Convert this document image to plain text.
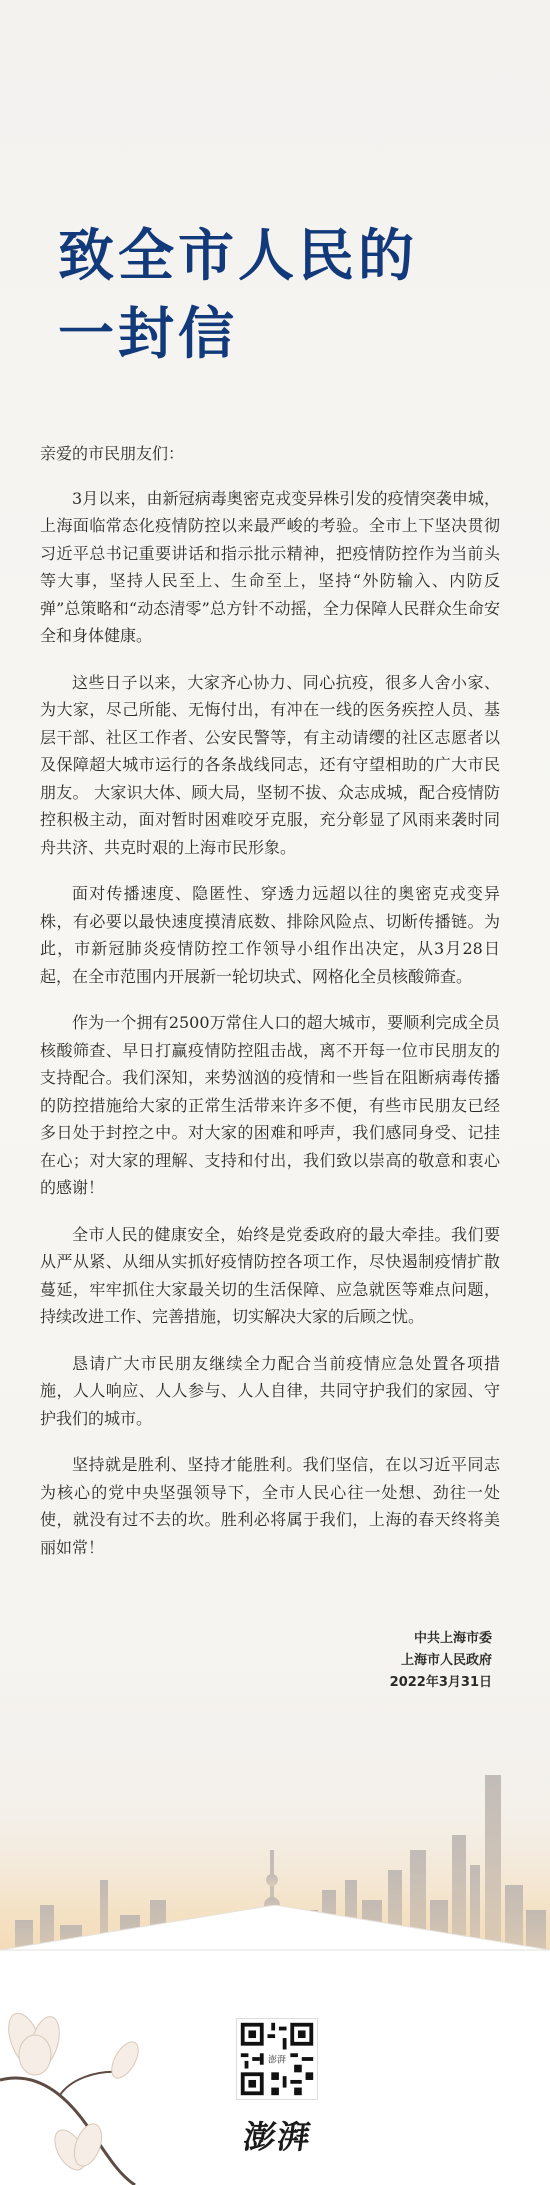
致全市人民的
一封信

亲爱的市民朋友们：

3月以来，由新冠病毒奥密克戎变异株引发的疫情突袭申城，上海面临常态化疫情防控以来最严峻的考验。全市上下坚决贯彻习近平总书记重要讲话和指示批示精神，把疫情防控作为当前头等大事，坚持人民至上、生命至上，坚持“外防输入、内防反弹”总策略和“动态清零”总方针不动摇，全力保障人民群众生命安全和身体健康。

这些日子以来，大家齐心协力、同心抗疫，很多人舍小家、为大家，尽己所能、无悔付出，有冲在一线的医务疾控人员、基层干部、社区工作者、公安民警等，有主动请缨的社区志愿者以及保障超大城市运行的各条战线同志，还有守望相助的广大市民朋友。 大家识大体、顾大局，坚韧不拔、众志成城，配合疫情防控积极主动，面对暂时困难咬牙克服，充分彰显了风雨来袭时同舟共济、共克时艰的上海市民形象。

面对传播速度、隐匿性、穿透力远超以往的奥密克戎变异株，有必要以最快速度摸清底数、排除风险点、切断传播链。为此，市新冠肺炎疫情防控工作领导小组作出决定，从3月28日起，在全市范围内开展新一轮切块式、网格化全员核酸筛查。

作为一个拥有2500万常住人口的超大城市，要顺利完成全员核酸筛查、早日打赢疫情防控阻击战，离不开每一位市民朋友的支持配合。我们深知，来势汹汹的疫情和一些旨在阻断病毒传播的防控措施给大家的正常生活带来许多不便，有些市民朋友已经多日处于封控之中。对大家的困难和呼声，我们感同身受、记挂在心；对大家的理解、支持和付出，我们致以崇高的敬意和衷心的感谢！

全市人民的健康安全，始终是党委政府的最大牵挂。我们要从严从紧、从细从实抓好疫情防控各项工作，尽快遏制疫情扩散蔓延，牢牢抓住大家最关切的生活保障、应急就医等难点问题，持续改进工作、完善措施，切实解决大家的后顾之忧。

恳请广大市民朋友继续全力配合当前疫情应急处置各项措施，人人响应、人人参与、人人自律，共同守护我们的家园、守护我们的城市。

坚持就是胜利、坚持才能胜利。我们坚信，在以习近平同志为核心的党中央坚强领导下，全市人民心往一处想、劲往一处使，就没有过不去的坎。胜利必将属于我们，上海的春天终将美丽如常！

中共上海市委
上海市人民政府
2022年3月31日
澎湃
澎湃
